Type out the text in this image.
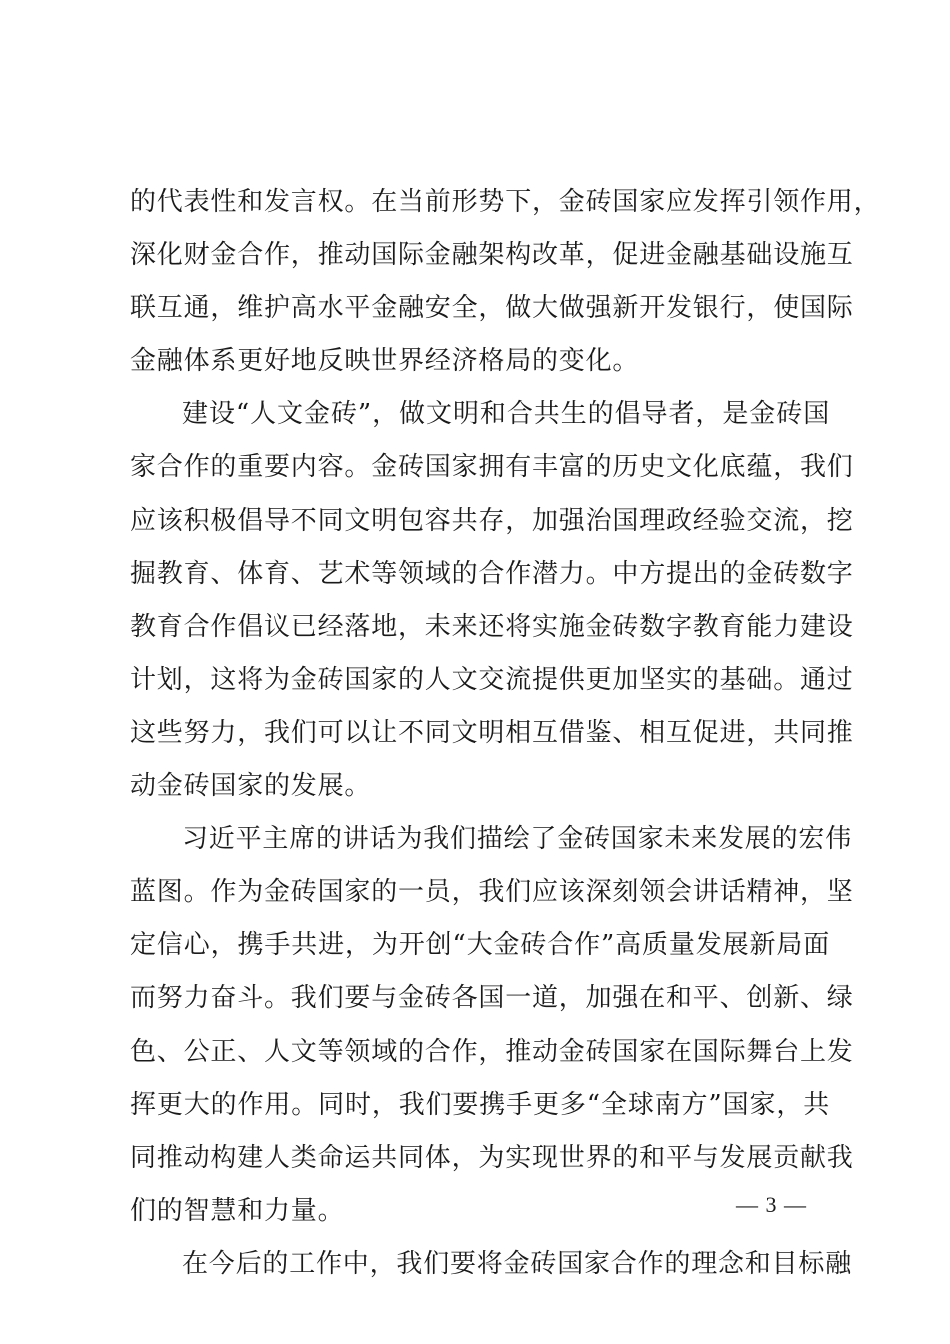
的代表性和发言权。在当前形势下，金砖国家应发挥引领作用，
深化财金合作，推动国际金融架构改革，促进金融基础设施互
联互通，维护高水平金融安全，做大做强新开发银行，使国际
金融体系更好地反映世界经济格局的变化。
建设“人文金砖”，做文明和合共生的倡导者，是金砖国
家合作的重要内容。金砖国家拥有丰富的历史文化底蕴，我们
应该积极倡导不同文明包容共存，加强治国理政经验交流，挖
掘教育、体育、艺术等领域的合作潜力。中方提出的金砖数字
教育合作倡议已经落地，未来还将实施金砖数字教育能力建设
计划，这将为金砖国家的人文交流提供更加坚实的基础。通过
这些努力，我们可以让不同文明相互借鉴、相互促进，共同推
动金砖国家的发展。
习近平主席的讲话为我们描绘了金砖国家未来发展的宏伟
蓝图。作为金砖国家的一员，我们应该深刻领会讲话精神，坚
定信心，携手共进，为开创“大金砖合作”高质量发展新局面
而努力奋斗。我们要与金砖各国一道，加强在和平、创新、绿
色、公正、人文等领域的合作，推动金砖国家在国际舞台上发
挥更大的作用。同时，我们要携手更多“全球南方”国家，共
同推动构建人类命运共同体，为实现世界的和平与发展贡献我
们的智慧和力量。
在今后的工作中，我们要将金砖国家合作的理念和目标融
— 3 —
